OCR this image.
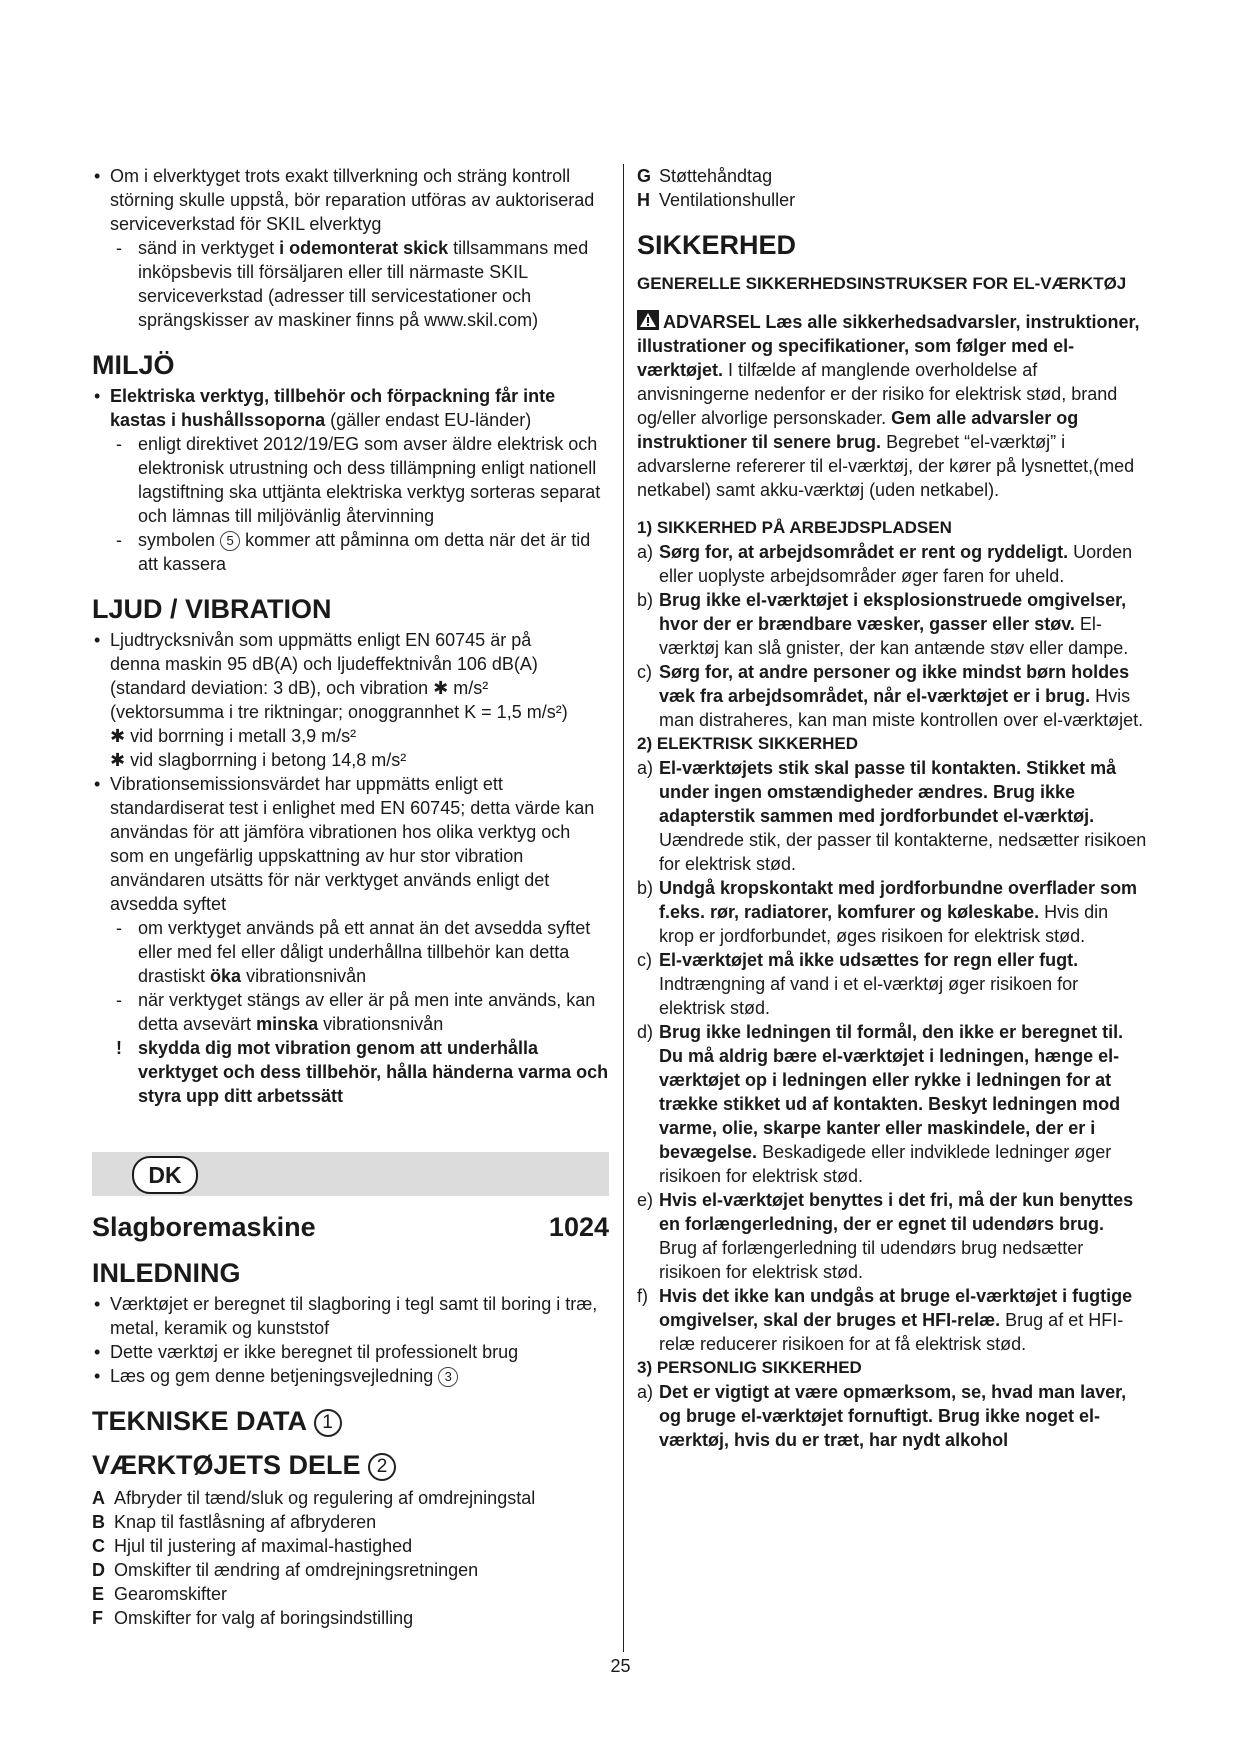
• Om i elverktyget trots exakt tillverkning och sträng kontroll störning skulle uppstå, bör reparation utföras av auktoriserad serviceverkstad för SKIL elverktyg
- sänd in verktyget i odemonterat skick tillsammans med inköpsbevis till försäljaren eller till närmaste SKIL serviceverkstad (adresser till servicestationer och sprängskisser av maskiner finns på www.skil.com)
MILJÖ
• Elektriska verktyg, tillbehör och förpackning får inte kastas i hushållssoporna (gäller endast EU-länder)
- enligt direktivet 2012/19/EG som avser äldre elektrisk och elektronisk utrustning och dess tillämpning enligt nationell lagstiftning ska uttjänta elektriska verktyg sorteras separat och lämnas till miljövänlig återvinning
- symbolen 5 kommer att påminna om detta när det är tid att kassera
LJUD / VIBRATION
• Ljudtrycksnivån som uppmätts enligt EN 60745 är på
denna maskin 95 dB(A) och ljudeffektnivån 106 dB(A)
(standard deviation: 3 dB), och vibration ✱ m/s²
(vektorsumma i tre riktningar; onoggrannhet K = 1,5 m/s²)
✱ vid borrning i metall 3,9 m/s²
✱ vid slagborrning i betong 14,8 m/s²
• Vibrationsemissionsvärdet har uppmätts enligt ett standardiserat test i enlighet med EN 60745; detta värde kan användas för att jämföra vibrationen hos olika verktyg och som en ungefärlig uppskattning av hur stor vibration användaren utsätts för när verktyget används enligt det avsedda syftet
- om verktyget används på ett annat än det avsedda syftet eller med fel eller dåligt underhållna tillbehör kan detta drastiskt öka vibrationsnivån
- när verktyget stängs av eller är på men inte används, kan detta avsevärt minska vibrationsnivån
! skydda dig mot vibration genom att underhålla verktyget och dess tillbehör, hålla händerna varma och styra upp ditt arbetssätt
DK
Slagboremaskine	1024
INLEDNING
• Værktøjet er beregnet til slagboring i tegl samt til boring i træ, metal, keramik og kunststof
• Dette værktøj er ikke beregnet til professionelt brug
• Læs og gem denne betjeningsvejledning 3
TEKNISKE DATA 1
VÆRKTØJETS DELE 2
A Afbryder til tænd/sluk og regulering af omdrejningstal
B Knap til fastlåsning af afbryderen
C Hjul til justering af maximal-hastighed
D Omskifter til ændring af omdrejningsretningen
E Gearomskifter
F Omskifter for valg af boringsindstilling
G Støttehåndtag
H Ventilationshuller
SIKKERHED
GENERELLE SIKKERHEDSINSTRUKSER FOR EL-VÆRKTØJ
ADVARSEL Læs alle sikkerhedsadvarsler, instruktioner, illustrationer og specifikationer, som følger med el-værktøjet. I tilfælde af manglende overholdelse af anvisningerne nedenfor er der risiko for elektrisk stød, brand og/eller alvorlige personskader. Gem alle advarsler og instruktioner til senere brug. Begrebet “el-værktøj” i advarslerne refererer til el-værktøj, der kører på lysnettet,(med netkabel) samt akku-værktøj (uden netkabel).
1) SIKKERHED PÅ ARBEJDSPLADSEN
a) Sørg for, at arbejdsområdet er rent og ryddeligt. Uorden eller uoplyste arbejdsområder øger faren for uheld.
b) Brug ikke el-værktøjet i eksplosionstruede omgivelser, hvor der er brændbare væsker, gasser eller støv. El-værktøj kan slå gnister, der kan antænde støv eller dampe.
c) Sørg for, at andre personer og ikke mindst børn holdes væk fra arbejdsområdet, når el-værktøjet er i brug. Hvis man distraheres, kan man miste kontrollen over el-værktøjet.
2) ELEKTRISK SIKKERHED
a) El-værktøjets stik skal passe til kontakten. Stikket må under ingen omstændigheder ændres. Brug ikke adapterstik sammen med jordforbundet el-værktøj. Uændrede stik, der passer til kontakterne, nedsætter risikoen for elektrisk stød.
b) Undgå kropskontakt med jordforbundne overflader som f.eks. rør, radiatorer, komfurer og køleskabe. Hvis din krop er jordforbundet, øges risikoen for elektrisk stød.
c) El-værktøjet må ikke udsættes for regn eller fugt. Indtrængning af vand i et el-værktøj øger risikoen for elektrisk stød.
d) Brug ikke ledningen til formål, den ikke er beregnet til. Du må aldrig bære el-værktøjet i ledningen, hænge el-værktøjet op i ledningen eller rykke i ledningen for at trække stikket ud af kontakten. Beskyt ledningen mod varme, olie, skarpe kanter eller maskindele, der er i bevægelse. Beskadigede eller indviklede ledninger øger risikoen for elektrisk stød.
e) Hvis el-værktøjet benyttes i det fri, må der kun benyttes en forlængerledning, der er egnet til udendørs brug. Brug af forlængerledning til udendørs brug nedsætter risikoen for elektrisk stød.
f) Hvis det ikke kan undgås at bruge el-værktøjet i fugtige omgivelser, skal der bruges et HFI-relæ. Brug af et HFI-relæ reducerer risikoen for at få elektrisk stød.
3) PERSONLIG SIKKERHED
a) Det er vigtigt at være opmærksom, se, hvad man laver, og bruge el-værktøjet fornuftigt. Brug ikke noget el-værktøj, hvis du er træt, har nydt alkohol
25
